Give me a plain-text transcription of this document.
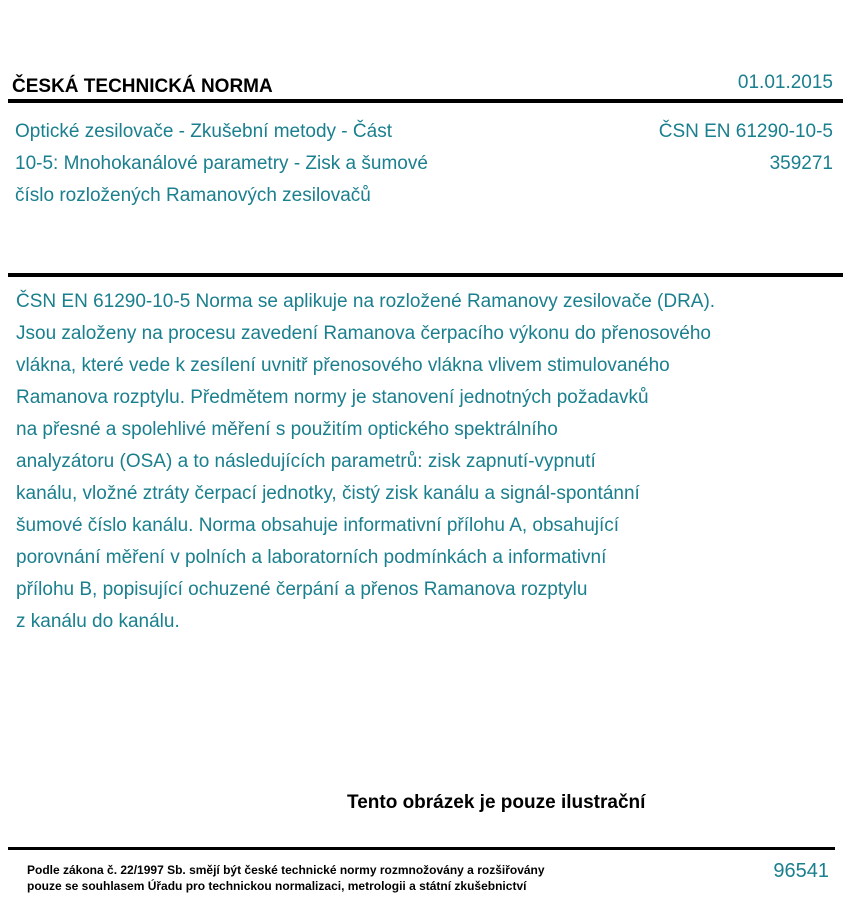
ČESKÁ TECHNICKÁ NORMA	01.01.2015
Optické zesilovače - Zkušební metody - Část
10-5: Mnohokanálové parametry - Zisk a šumové
číslo rozložených Ramanových zesilovačů
ČSN EN 61290-10-5
359271
ČSN EN 61290-10-5 Norma se aplikuje na rozložené Ramanovy zesilovače (DRA).
Jsou založeny na procesu zavedení Ramanova čerpacího výkonu do přenosového
vlákna, které vede k zesílení uvnitř přenosového vlákna vlivem stimulovaného
Ramanova rozptylu. Předmětem normy je stanovení jednotných požadavků
na přesné a spolehlivé měření s použitím optického spektrálního
analyzátoru (OSA) a to následujících parametrů: zisk zapnutí-vypnutí
kanálu, vložné ztráty čerpací jednotky, čistý zisk kanálu a signál-spontánní
šumové číslo kanálu. Norma obsahuje informativní přílohu A, obsahující
porovnání měření v polních a laboratorních podmínkách a informativní
přílohu B, popisující ochuzené čerpání a přenos Ramanova rozptylu
z kanálu do kanálu.
Tento obrázek je pouze ilustrační
Podle zákona č. 22/1997 Sb. smějí být české technické normy rozmnožovány a rozšiřovány
pouze se souhlasem Úřadu pro technickou normalizaci, metrologii a státní zkušebnictví
96541
